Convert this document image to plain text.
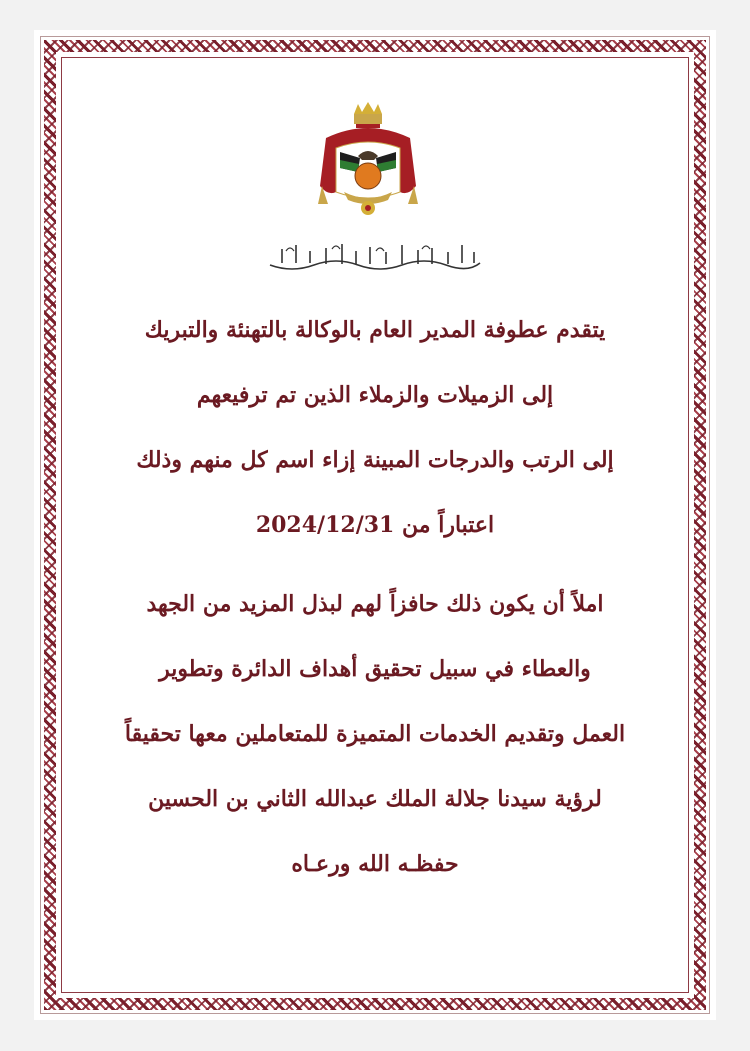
يتقدم عطوفة المدير العام بالوكالة بالتهنئة والتبريك
إلى الزميلات والزملاء الذين تم ترفيعهم
إلى الرتب والدرجات المبينة إزاء اسم كل منهم وذلك
اعتباراً من 2024/12/31
املاً أن يكون ذلك حافزاً لهم لبذل المزيد من الجهد
والعطاء في سبيل تحقيق أهداف الدائرة وتطوير
العمل وتقديم الخدمات المتميزة للمتعاملين معها تحقيقاً
لرؤية سيدنا جلالة الملك عبدالله الثاني بن الحسين
حفظـه الله ورعـاه
